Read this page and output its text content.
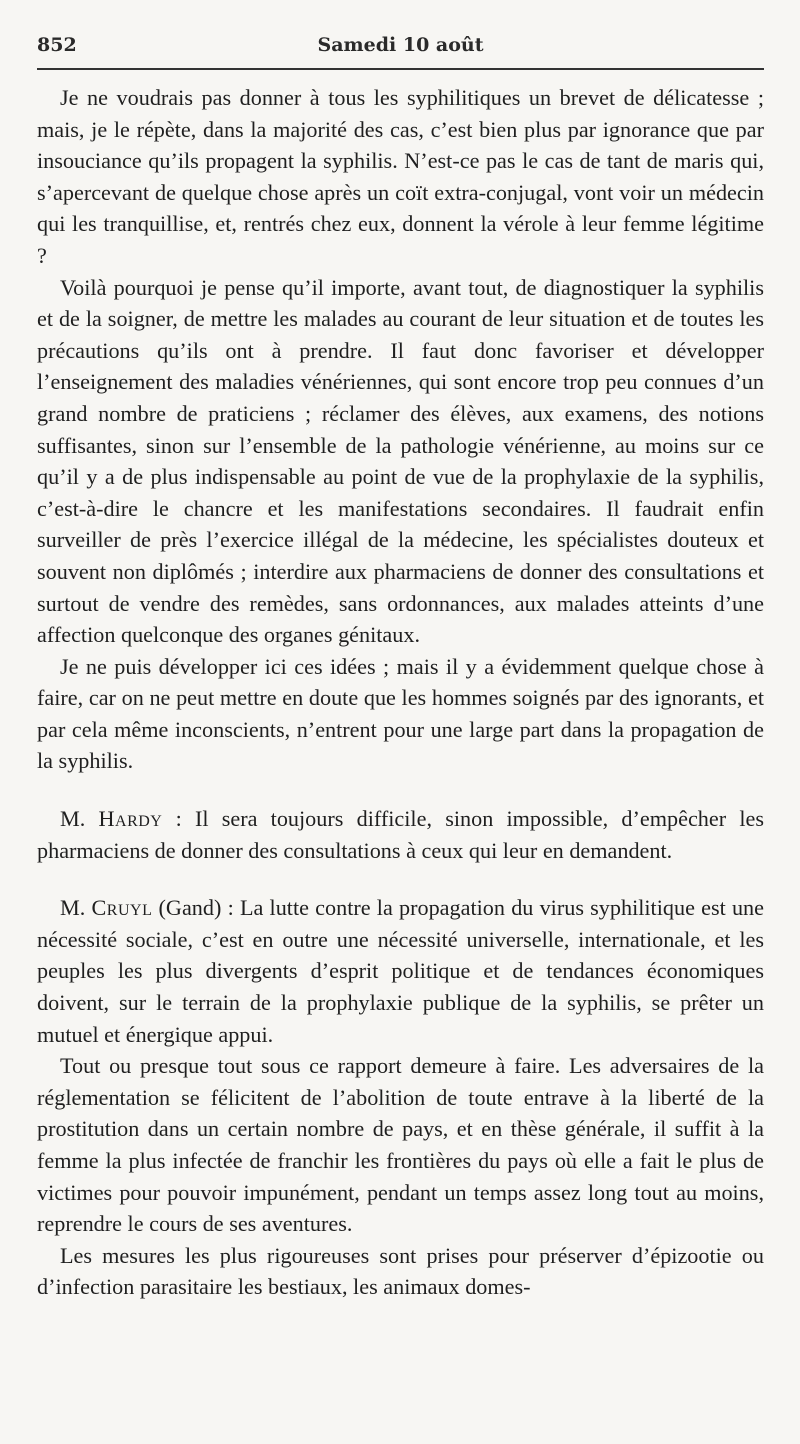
852	Samedi 10 août

Je ne voudrais pas donner à tous les syphilitiques un brevet de délicatesse ; mais, je le répète, dans la majorité des cas, c’est bien plus par ignorance que par insouciance qu’ils propagent la syphilis. N’est-ce pas le cas de tant de maris qui, s’apercevant de quelque chose après un coït extra-conjugal, vont voir un médecin qui les tranquillise, et, rentrés chez eux, donnent la vérole à leur femme légitime ?

Voilà pourquoi je pense qu’il importe, avant tout, de diagnostiquer la syphilis et de la soigner, de mettre les malades au courant de leur situation et de toutes les précautions qu’ils ont à prendre. Il faut donc favoriser et développer l’enseignement des maladies vénériennes, qui sont encore trop peu connues d’un grand nombre de praticiens ; réclamer des élèves, aux examens, des notions suffisantes, sinon sur l’ensemble de la pathologie vénérienne, au moins sur ce qu’il y a de plus indispensable au point de vue de la prophylaxie de la syphilis, c’est-à-dire le chancre et les manifestations secondaires. Il faudrait enfin surveiller de près l’exercice illégal de la médecine, les spécialistes douteux et souvent non diplômés ; interdire aux pharmaciens de donner des consultations et surtout de vendre des remèdes, sans ordonnances, aux malades atteints d’une affection quelconque des organes génitaux.

Je ne puis développer ici ces idées ; mais il y a évidemment quelque chose à faire, car on ne peut mettre en doute que les hommes soignés par des ignorants, et par cela même inconscients, n’entrent pour une large part dans la propagation de la syphilis.

M. Hardy : Il sera toujours difficile, sinon impossible, d’empêcher les pharmaciens de donner des consultations à ceux qui leur en demandent.

M. Cruyl (Gand) : La lutte contre la propagation du virus syphilitique est une nécessité sociale, c’est en outre une nécessité universelle, internationale, et les peuples les plus divergents d’esprit politique et de tendances économiques doivent, sur le terrain de la prophylaxie publique de la syphilis, se prêter un mutuel et énergique appui.

Tout ou presque tout sous ce rapport demeure à faire. Les adversaires de la réglementation se félicitent de l’abolition de toute entrave à la liberté de la prostitution dans un certain nombre de pays, et en thèse générale, il suffit à la femme la plus infectée de franchir les frontières du pays où elle a fait le plus de victimes pour pouvoir impunément, pendant un temps assez long tout au moins, reprendre le cours de ses aventures.

Les mesures les plus rigoureuses sont prises pour préserver d’épizootie ou d’infection parasitaire les bestiaux, les animaux domes-
